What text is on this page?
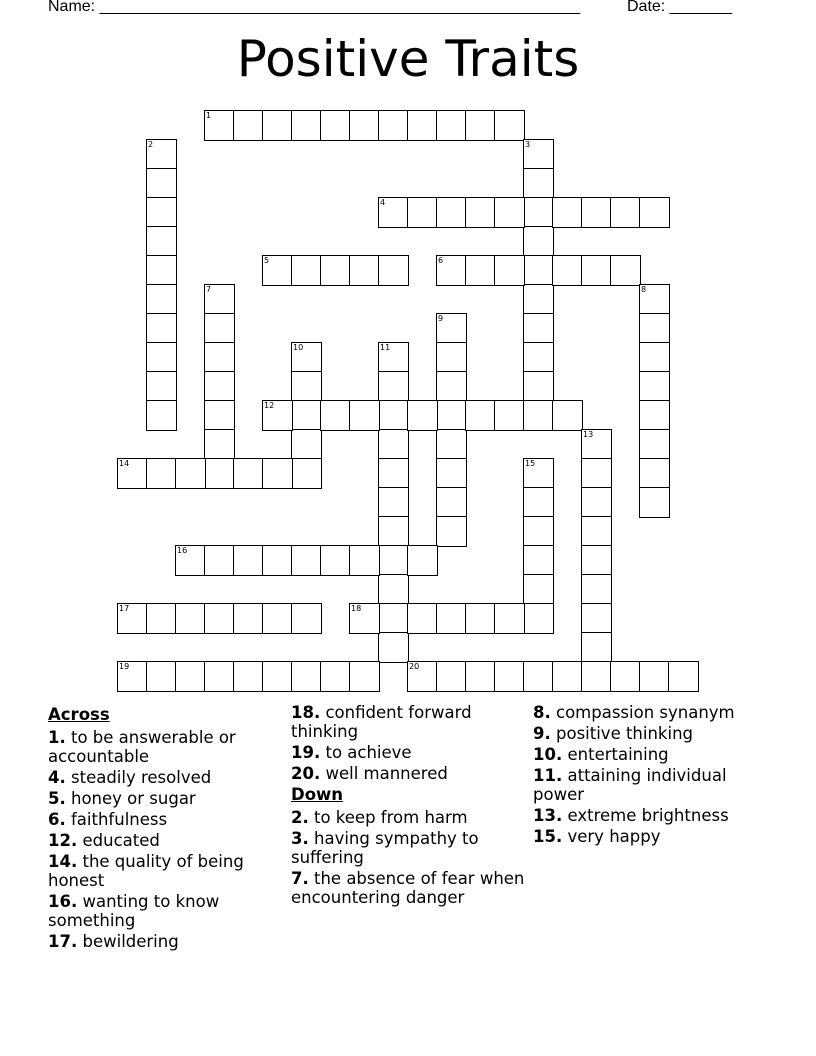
Name: ______________________________________________________	Date: _______
Positive Traits
1
2	3
4
5	6
7	8
9
10	11
12
13
14	15
16
17	18
19	20
Across
1. to be answerable or accountable
4. steadily resolved
5. honey or sugar
6. faithfulness
12. educated
14. the quality of being honest
16. wanting to know something
17. bewildering
18. confident forward thinking
19. to achieve
20. well mannered
Down
2. to keep from harm
3. having sympathy to suffering
7. the absence of fear when encountering danger
8. compassion synanym
9. positive thinking
10. entertaining
11. attaining individual power
13. extreme brightness
15. very happy
